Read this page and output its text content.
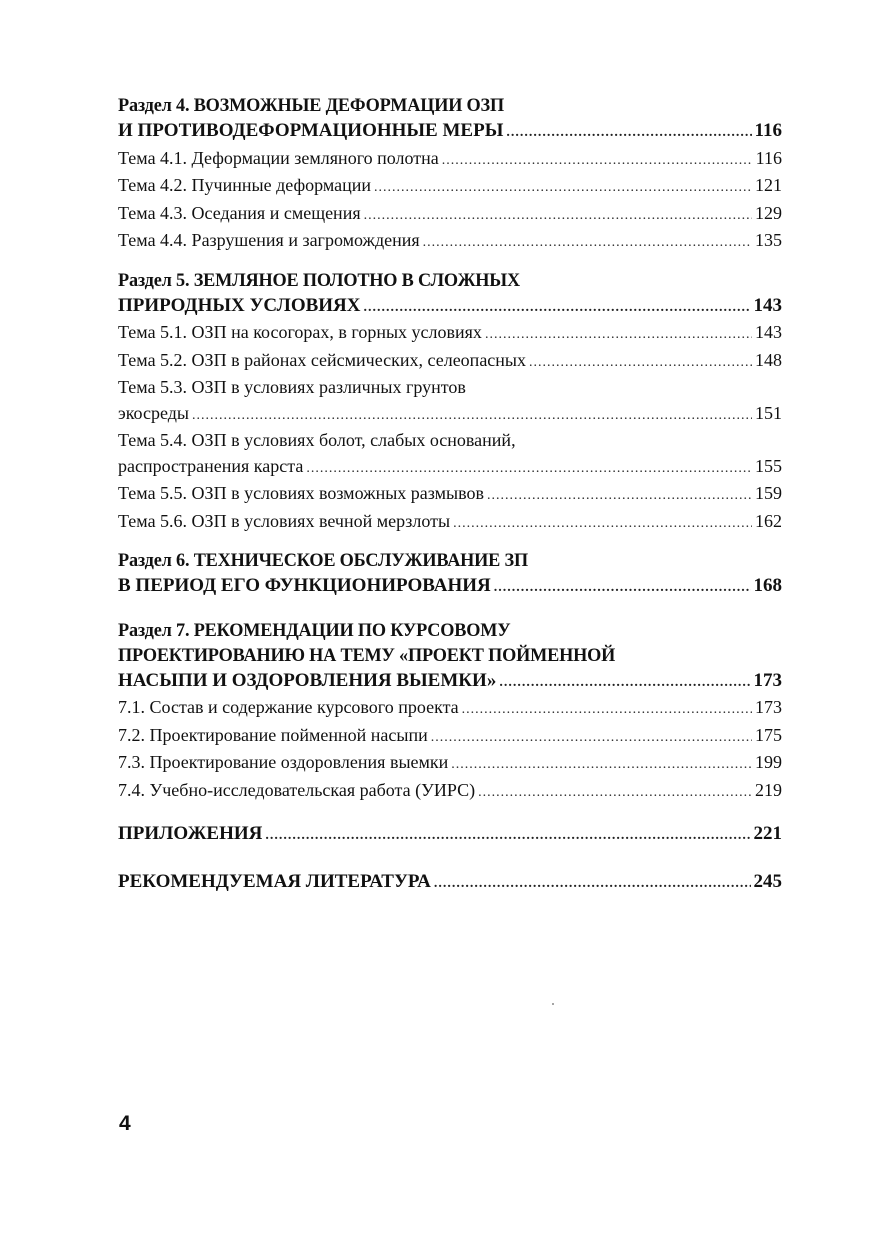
Раздел 4. ВОЗМОЖНЫЕ ДЕФОРМАЦИИ ОЗП
И ПРОТИВОДЕФОРМАЦИОННЫЕ МЕРЫ .....	116
Тема 4.1. Деформации земляного полотна .....	116
Тема 4.2. Пучинные деформации .....	121
Тема 4.3. Оседания и смещения .....	129
Тема 4.4. Разрушения и загромождения .....	135
Раздел 5. ЗЕМЛЯНОЕ ПОЛОТНО В СЛОЖНЫХ
ПРИРОДНЫХ УСЛОВИЯХ .....	143
Тема 5.1. ОЗП на косогорах, в горных условиях .....	143
Тема 5.2. ОЗП в районах сейсмических, селеопасных .....	148
Тема 5.3. ОЗП в условиях различных грунтов
экосреды .....	151
Тема 5.4. ОЗП в условиях болот, слабых оснований,
распространения карста .....	155
Тема 5.5. ОЗП в условиях возможных размывов .....	159
Тема 5.6. ОЗП в условиях вечной мерзлоты .....	162
Раздел 6. ТЕХНИЧЕСКОЕ ОБСЛУЖИВАНИЕ ЗП
В ПЕРИОД ЕГО ФУНКЦИОНИРОВАНИЯ .....	168
Раздел 7. РЕКОМЕНДАЦИИ ПО КУРСОВОМУ
ПРОЕКТИРОВАНИЮ НА ТЕМУ «ПРОЕКТ ПОЙМЕННОЙ
НАСЫПИ И ОЗДОРОВЛЕНИЯ ВЫЕМКИ» .....	173
7.1. Состав и содержание курсового проекта .....	173
7.2. Проектирование пойменной насыпи .....	175
7.3. Проектирование оздоровления выемки .....	199
7.4. Учебно-исследовательская работа (УИРС) .....	219
ПРИЛОЖЕНИЯ .....	221
РЕКОМЕНДУЕМАЯ ЛИТЕРАТУРА .....	245
4
